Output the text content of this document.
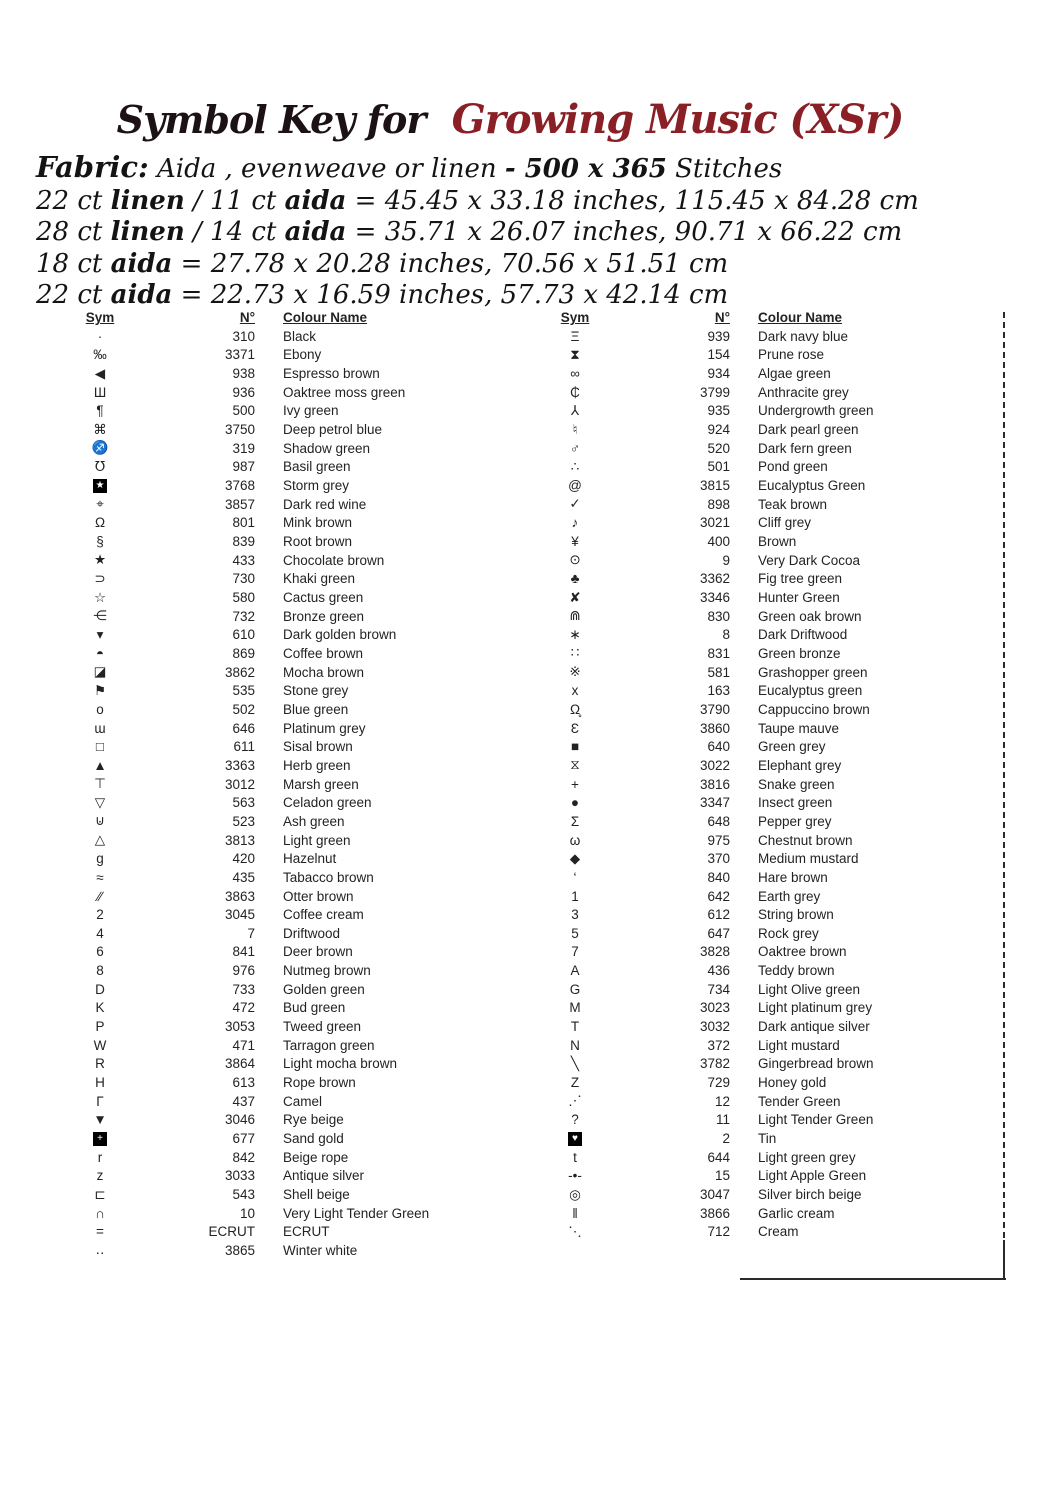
Symbol Key for Growing Music (XSr)
Fabric: Aida , evenweave or linen - 500 x 365 Stitches
22 ct linen / 11 ct aida = 45.45 x 33.18 inches, 115.45 x 84.28 cm
28 ct linen / 14 ct aida = 35.71 x 26.07 inches, 90.71 x 66.22 cm
18 ct aida = 27.78 x 20.28 inches, 70.56 x 51.51 cm
22 ct aida = 22.73 x 16.59 inches, 57.73 x 42.14 cm
Sym	N°	Colour Name
·	310	Black
‰	3371	Ebony
◀	938	Espresso brown
Ш	936	Oaktree moss green
¶	500	Ivy green
⌘	3750	Deep petrol blue
♐	319	Shadow green
℧	987	Basil green
★	3768	Storm grey
⌖	3857	Dark red wine
Ω	801	Mink brown
§	839	Root brown
★	433	Chocolate brown
⊃	730	Khaki green
☆	580	Cactus green
⋲	732	Bronze green
▾	610	Dark golden brown
◓	869	Coffee brown
◪	3862	Mocha brown
⚑	535	Stone grey
o	502	Blue green
ɯ	646	Platinum grey
□	611	Sisal brown
▲	3363	Herb green
⊤	3012	Marsh green
▽	563	Celadon green
⊍	523	Ash green
△	3813	Light green
g	420	Hazelnut
≈	435	Tabacco brown
∕∕	3863	Otter brown
2	3045	Coffee cream
4	7	Driftwood
6	841	Deer brown
8	976	Nutmeg brown
D	733	Golden green
K	472	Bud green
P	3053	Tweed green
W	471	Tarragon green
R	3864	Light mocha brown
H	613	Rope brown
Γ	437	Camel
▼	3046	Rye beige
+	677	Sand gold
r	842	Beige rope
z	3033	Antique silver
⊏	543	Shell beige
∩	10	Very Light Tender Green
=	ECRUT	ECRUT
‥	3865	Winter white
Sym	N°	Colour Name
Ξ	939	Dark navy blue
⧗	154	Prune rose
∞	934	Algae green
₵	3799	Anthracite grey
⅄	935	Undergrowth green
♮	924	Dark pearl green
♂	520	Dark fern green
∴	501	Pond green
@	3815	Eucalyptus Green
✓	898	Teak brown
♪	3021	Cliff grey
¥	400	Brown
⊙	9	Very Dark Cocoa
♣	3362	Fig tree green
✘	3346	Hunter Green
⋒	830	Green oak brown
∗	8	Dark Driftwood
∷	831	Green bronze
※	581	Grashopper green
x	163	Eucalyptus green
Ω̥	3790	Cappuccino brown
Ɛ	3860	Taupe mauve
■	640	Green grey
⧖	3022	Elephant grey
+	3816	Snake green
●	3347	Insect green
Σ	648	Pepper grey
ω	975	Chestnut brown
◆	370	Medium mustard
‘	840	Hare brown
1	642	Earth grey
3	612	String brown
5	647	Rock grey
7	3828	Oaktree brown
A	436	Teddy brown
G	734	Light Olive green
M	3023	Light platinum grey
T	3032	Dark antique silver
N	372	Light mustard
╲	3782	Gingerbread brown
Z	729	Honey gold
⋰	12	Tender Green
?	11	Light Tender Green
♥	2	Tin
t	644	Light green grey
-•-	15	Light Apple Green
◎	3047	Silver birch beige
‖	3866	Garlic cream
⋱	712	Cream
